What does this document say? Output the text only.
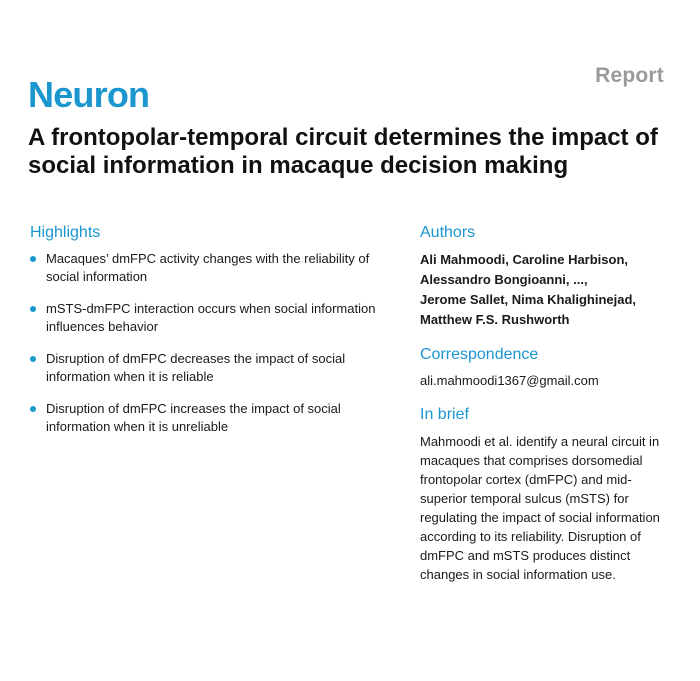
Report
Neuron
A frontopolar-temporal circuit determines the impact of social information in macaque decision making
Highlights
Macaques’ dmFPC activity changes with the reliability of social information
mSTS-dmFPC interaction occurs when social information influences behavior
Disruption of dmFPC decreases the impact of social information when it is reliable
Disruption of dmFPC increases the impact of social information when it is unreliable
Authors

Ali Mahmoodi, Caroline Harbison,
Alessandro Bongioanni, ...,
Jerome Sallet, Nima Khalighinejad,
Matthew F.S. Rushworth

Correspondence
ali.mahmoodi1367@gmail.com
In brief

Mahmoodi et al. identify a neural circuit in macaques that comprises dorsomedial frontopolar cortex (dmFPC) and mid-superior temporal sulcus (mSTS) for regulating the impact of social information according to its reliability. Disruption of dmFPC and mSTS produces distinct changes in social information use.
